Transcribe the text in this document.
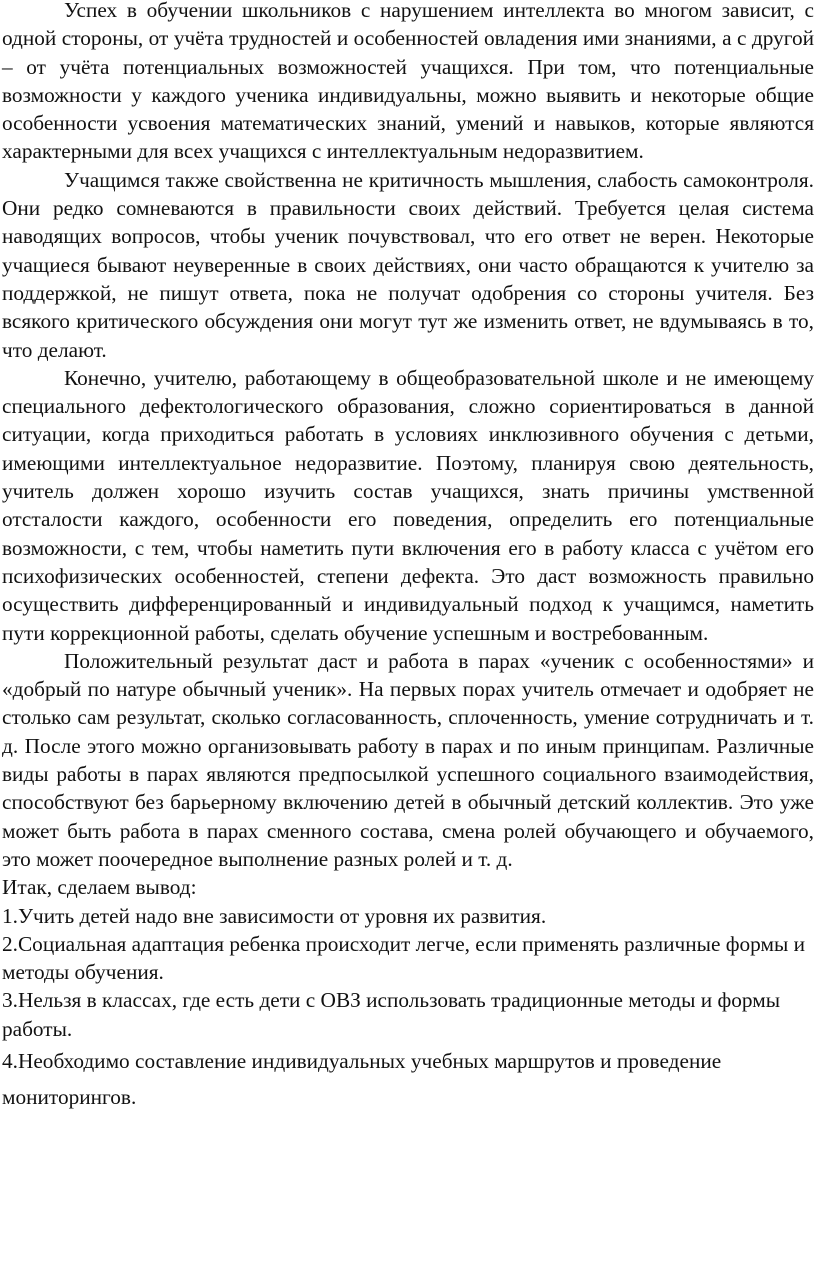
Успех в обучении школьников с нарушением интеллекта во многом зависит, с одной стороны, от учёта трудностей и особенностей овладения ими знаниями, а с другой – от учёта потенциальных возможностей учащихся. При том, что потенциальные возможности у каждого ученика индивидуальны, можно выявить и некоторые общие особенности усвоения математических знаний, умений и навыков, которые являются характерными для всех учащихся с интеллектуальным недоразвитием.

Учащимся также свойственна не критичность мышления, слабость самоконтроля. Они редко сомневаются в правильности своих действий. Требуется целая система наводящих вопросов, чтобы ученик почувствовал, что его ответ не верен. Некоторые учащиеся бывают неуверенные в своих действиях, они часто обращаются к учителю за поддержкой, не пишут ответа, пока не получат одобрения со стороны учителя. Без всякого критического обсуждения они могут тут же изменить ответ, не вдумываясь в то, что делают.

Конечно, учителю, работающему в общеобразовательной школе и не имеющему специального дефектологического образования, сложно сориентироваться в данной ситуации, когда приходиться работать в условиях инклюзивного обучения с детьми, имеющими интеллектуальное недоразвитие. Поэтому, планируя свою деятельность, учитель должен хорошо изучить состав учащихся, знать причины умственной отсталости каждого, особенности его поведения, определить его потенциальные возможности, с тем, чтобы наметить пути включения его в работу класса с учётом его психофизических особенностей, степени дефекта. Это даст возможность правильно осуществить дифференцированный и индивидуальный подход к учащимся, наметить пути коррекционной работы, сделать обучение успешным и востребованным.

Положительный результат даст и работа в парах «ученик с особенностями» и «добрый по натуре обычный ученик». На первых порах учитель отмечает и одобряет не столько сам результат, сколько согласованность, сплоченность, умение сотрудничать и т. д. После этого можно организовывать работу в парах и по иным принципам. Различные виды работы в парах являются предпосылкой успешного социального взаимодействия, способствуют без барьерному включению детей в обычный детский коллектив. Это уже может быть работа в парах сменного состава, смена ролей обучающего и обучаемого, это может поочередное выполнение разных ролей и т. д.

Итак, сделаем вывод:

1.Учить детей надо вне зависимости от уровня их развития.

2.Социальная адаптация ребенка происходит легче, если применять различные формы и методы обучения.

3.Нельзя в классах, где есть дети с ОВЗ использовать традиционные методы и формы работы.

4.Необходимо составление индивидуальных учебных маршрутов и проведение мониторингов.
